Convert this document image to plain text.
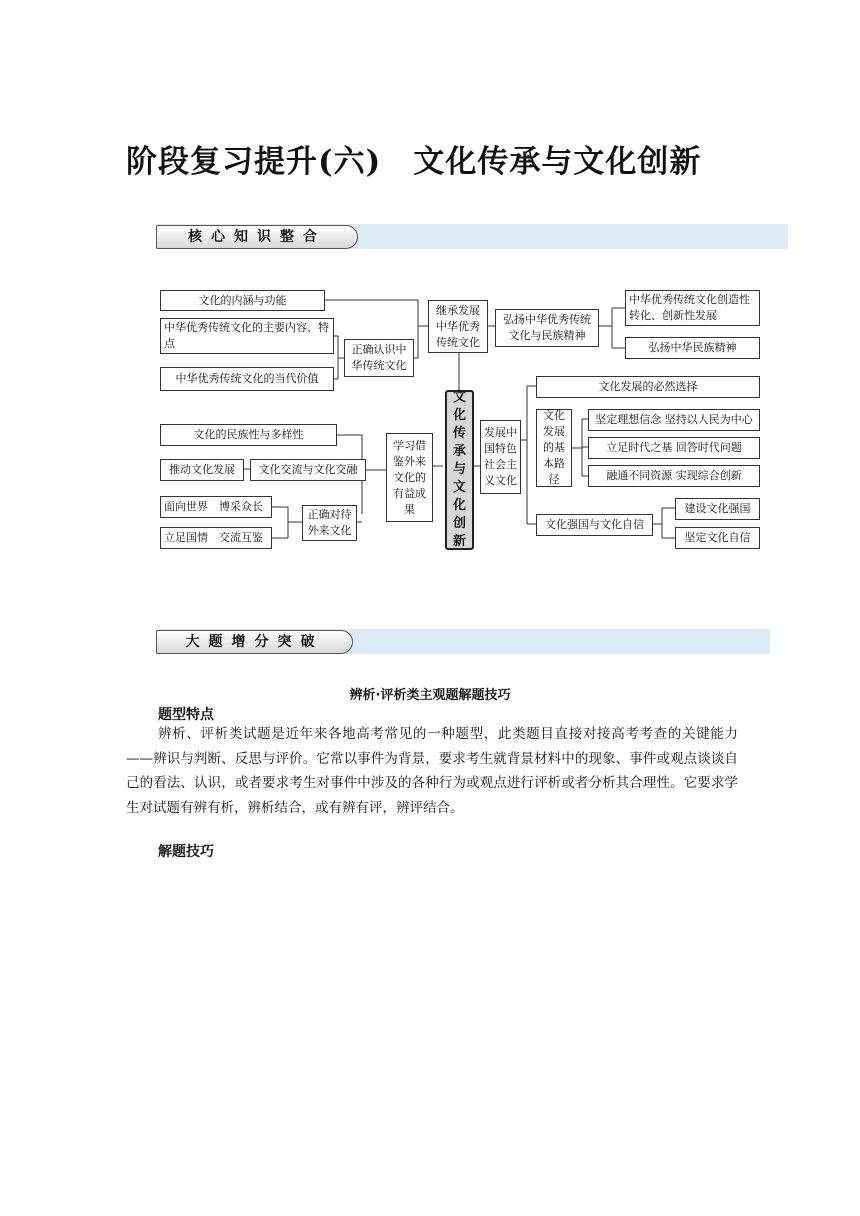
阶段复习提升(六)　文化传承与文化创新
核心知识整合
文化的内涵与功能
中华优秀传统文化的主要内容、特点
中华优秀传统文化的当代价值
正确认识中华传统文化
继承发展中华优秀传统文化
弘扬中华优秀传统文化与民族精神
中华优秀传统文化创造性转化、创新性发展
弘扬中华民族精神
文化传承与文化创新
发展中国特色社会主义文化
文化发展的必然选择
文化发展的基本路径
坚定理想信念 坚持以人民为中心
立足时代之基 回答时代问题
融通不同资源 实现综合创新
文化强国与文化自信
建设文化强国
坚定文化自信
文化的民族性与多样性
推动文化发展	文化交流与文化交融
面向世界　博采众长
立足国情　交流互鉴
正确对待外来文化
学习借鉴外来文化的有益成果
大题增分突破
辨析·评析类主观题解题技巧
题型特点
辨析、评析类试题是近年来各地高考常见的一种题型，此类题目直接对接高考考查的关键能力——辨识与判断、反思与评价。它常以事件为背景，要求考生就背景材料中的现象、事件或观点谈谈自己的看法、认识，或者要求考生对事件中涉及的各种行为或观点进行评析或者分析其合理性。它要求学生对试题有辨有析，辨析结合，或有辨有评，辨评结合。
解题技巧
